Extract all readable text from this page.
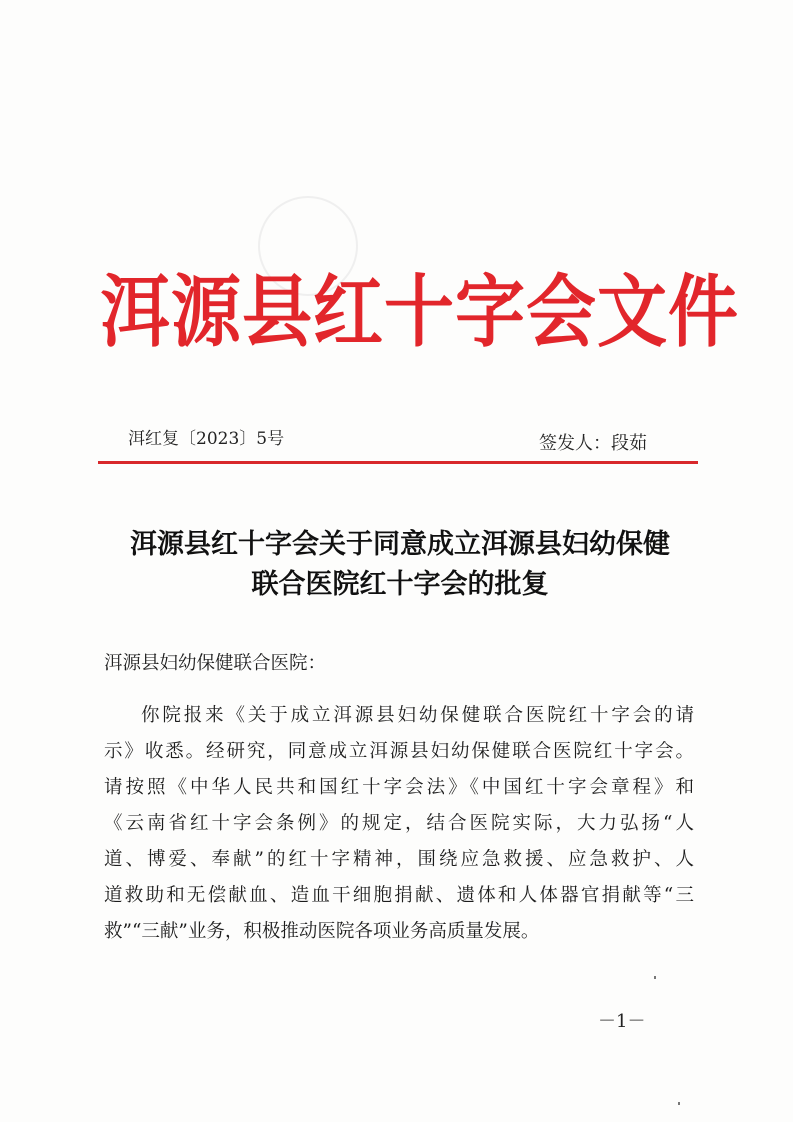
洱源县红十字会文件
洱红复〔2023〕5号	签发人：段茹
洱源县红十字会关于同意成立洱源县妇幼保健
联合医院红十字会的批复
洱源县妇幼保健联合医院：
你院报来《关于成立洱源县妇幼保健联合医院红十字会的请
示》收悉。经研究，同意成立洱源县妇幼保健联合医院红十字会。
请按照《中华人民共和国红十字会法》《中国红十字会章程》和
《云南省红十字会条例》的规定，结合医院实际，大力弘扬“人
道、博爱、奉献”的红十字精神，围绕应急救援、应急救护、人
道救助和无偿献血、造血干细胞捐献、遗体和人体器官捐献等“三
救”“三献”业务，积极推动医院各项业务高质量发展。
－1－
